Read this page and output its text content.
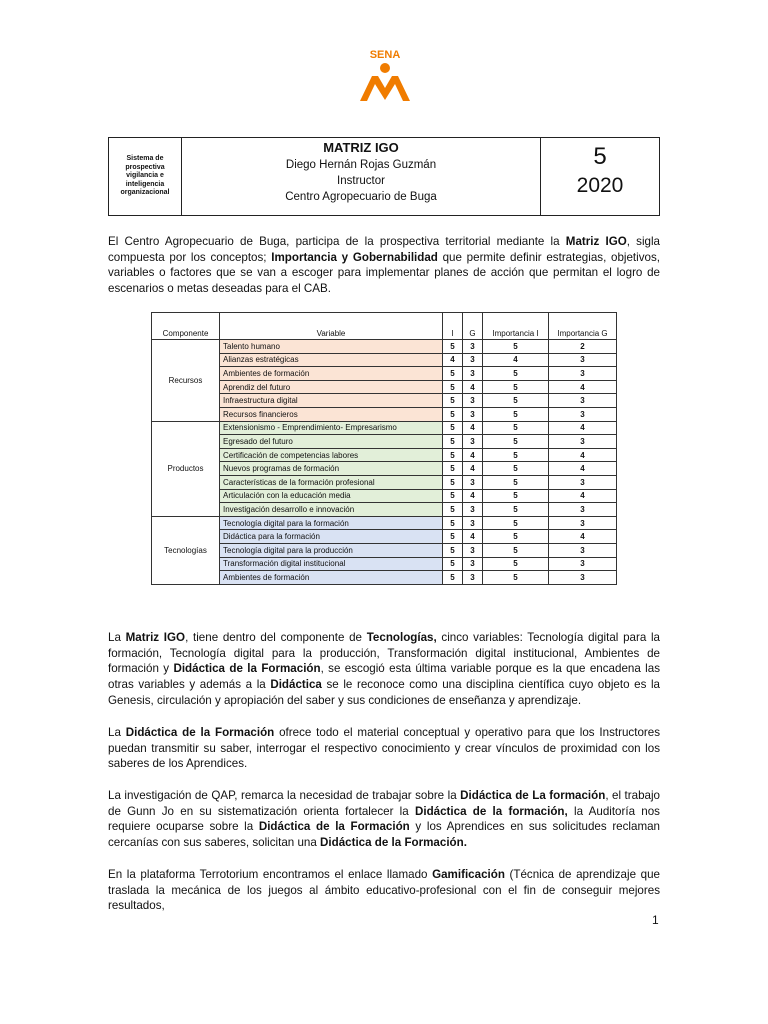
SENA
Sistema de prospectiva vigilancia e inteligencia organizacional
MATRIZ IGO
Diego Hernán Rojas Guzmán
Instructor
Centro Agropecuario de Buga
5
2020
El Centro Agropecuario de Buga, participa de la prospectiva territorial mediante la Matriz IGO, sigla compuesta por los conceptos; Importancia y Gobernabilidad que permite definir estrategias, objetivos, variables o factores que se van a escoger para implementar planes de acción que permitan el logro de escenarios o metas deseadas para el CAB.
Componente	Variable	I	G	Importancia I	Importancia G
Recursos	Talento humano	5	3	5	2
	Alianzas estratégicas	4	3	4	3
	Ambientes de formación	5	3	5	3
	Aprendiz del futuro	5	4	5	4
	Infraestructura digital	5	3	5	3
	Recursos financieros	5	3	5	3
Productos	Extensionismo - Emprendimiento- Empresarismo	5	4	5	4
	Egresado del futuro	5	3	5	3
	Certificación de competencias labores	5	4	5	4
	Nuevos programas de formación	5	4	5	4
	Características de la formación profesional	5	3	5	3
	Articulación con la educación media	5	4	5	4
	Investigación desarrollo e innovación	5	3	5	3
Tecnologías	Tecnología digital para la formación	5	3	5	3
	Didáctica para la formación	5	4	5	4
	Tecnología digital para la producción	5	3	5	3
	Transformación digital institucional	5	3	5	3
	Ambientes de formación	5	3	5	3
La Matriz IGO, tiene dentro del componente de Tecnologías, cinco variables: Tecnología digital para la formación, Tecnología digital para la producción, Transformación digital institucional, Ambientes de formación y Didáctica de la Formación, se escogió esta última variable porque es la que encadena las otras variables y además a la Didáctica se le reconoce como una disciplina científica cuyo objeto es la Genesis, circulación y apropiación del saber y sus condiciones de enseñanza y aprendizaje.
La Didáctica de la Formación ofrece todo el material conceptual y operativo para que los Instructores puedan transmitir su saber, interrogar el respectivo conocimiento y crear vínculos de proximidad con los saberes de los Aprendices.
La investigación de QAP, remarca la necesidad de trabajar sobre la Didáctica de La formación, el trabajo de Gunn Jo en su sistematización orienta fortalecer la Didáctica de la formación, la Auditoría nos requiere ocuparse sobre la Didáctica de la Formación y los Aprendices en sus solicitudes reclaman cercanías con sus saberes, solicitan una Didáctica de la Formación.
En la plataforma Terrotorium encontramos el enlace llamado Gamificación (Técnica de aprendizaje que traslada la mecánica de los juegos al ámbito educativo-profesional con el fin de conseguir mejores resultados,
1
